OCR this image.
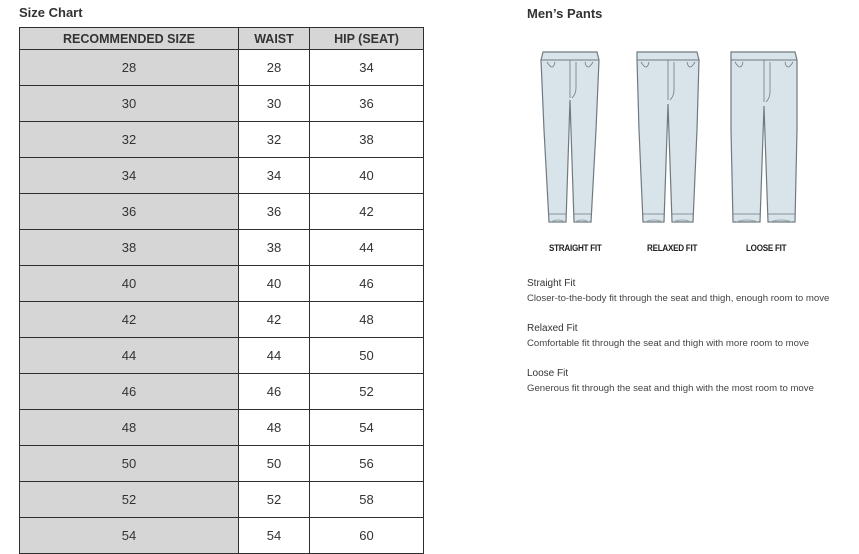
Size Chart
RECOMMENDED SIZE	WAIST	HIP (SEAT)
28	28	34
30	30	36
32	32	38
34	34	40
36	36	42
38	38	44
40	40	46
42	42	48
44	44	50
46	46	52
48	48	54
50	50	56
52	52	58
54	54	60
Men’s Pants
STRAIGHT FIT	RELAXED FIT	LOOSE FIT
Straight Fit
Closer-to-the-body fit through the seat and thigh, enough room to move
Relaxed Fit
Comfortable fit through the seat and thigh with more room to move
Loose Fit
Generous fit through the seat and thigh with the most room to move
